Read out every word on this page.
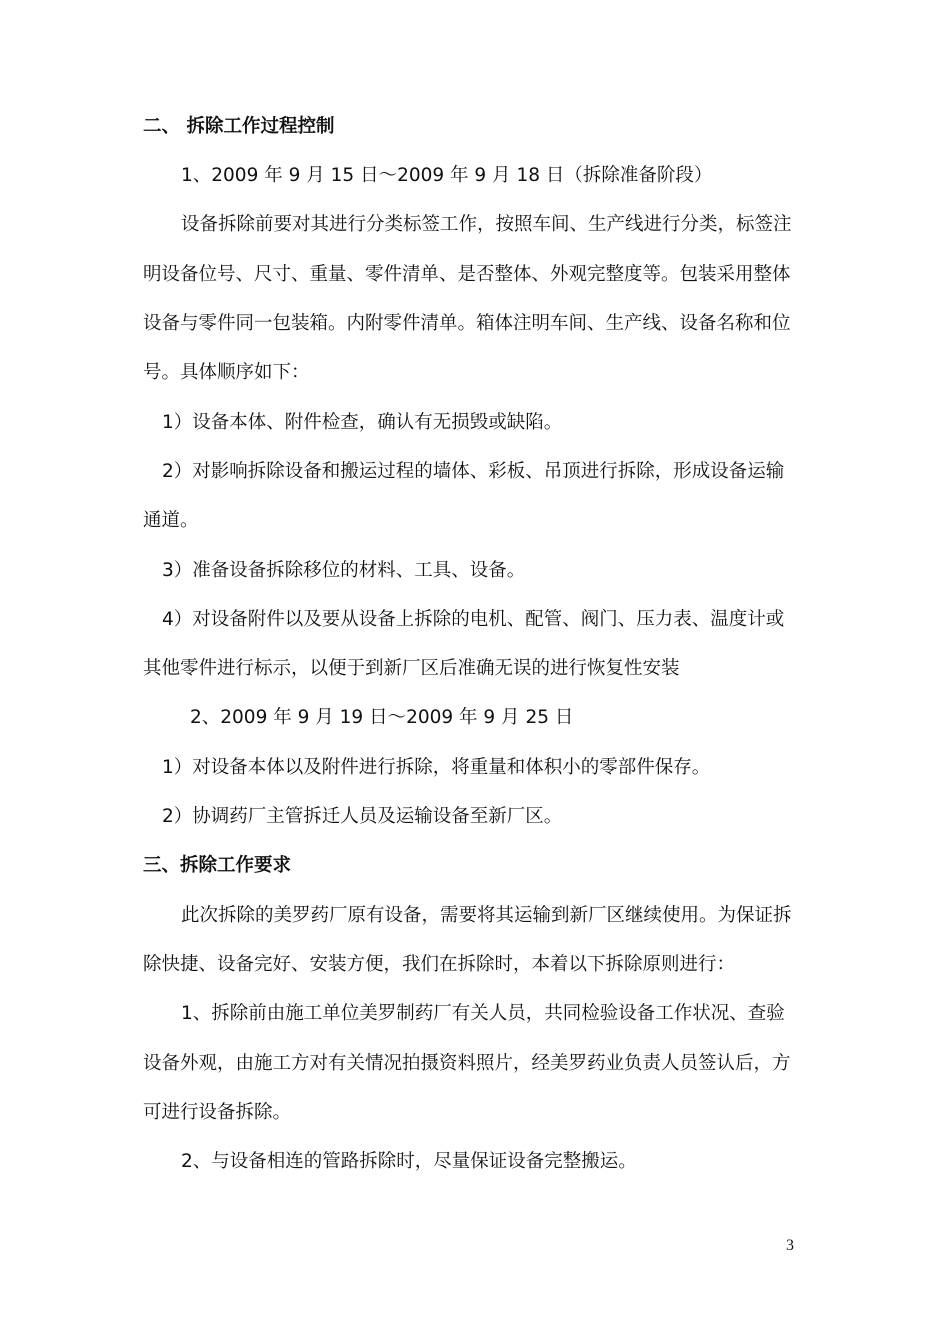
二、 拆除工作过程控制
1、2009 年 9 月 15 日～2009 年 9 月 18 日（拆除准备阶段）
设备拆除前要对其进行分类标签工作，按照车间、生产线进行分类，标签注
明设备位号、尺寸、重量、零件清单、是否整体、外观完整度等。包装采用整体
设备与零件同一包装箱。内附零件清单。箱体注明车间、生产线、设备名称和位
号。具体顺序如下：
1）设备本体、附件检查，确认有无损毁或缺陷。
2）对影响拆除设备和搬运过程的墙体、彩板、吊顶进行拆除，形成设备运输
通道。
3）准备设备拆除移位的材料、工具、设备。
4）对设备附件以及要从设备上拆除的电机、配管、阀门、压力表、温度计或
其他零件进行标示，以便于到新厂区后准确无误的进行恢复性安装
2、2009 年 9 月 19 日～2009 年 9 月 25 日
1）对设备本体以及附件进行拆除，将重量和体积小的零部件保存。
2）协调药厂主管拆迁人员及运输设备至新厂区。
三、拆除工作要求
此次拆除的美罗药厂原有设备，需要将其运输到新厂区继续使用。为保证拆
除快捷、设备完好、安装方便，我们在拆除时，本着以下拆除原则进行：
1、拆除前由施工单位美罗制药厂有关人员，共同检验设备工作状况、查验
设备外观，由施工方对有关情况拍摄资料照片，经美罗药业负责人员签认后，方
可进行设备拆除。
2、与设备相连的管路拆除时，尽量保证设备完整搬运。
3
